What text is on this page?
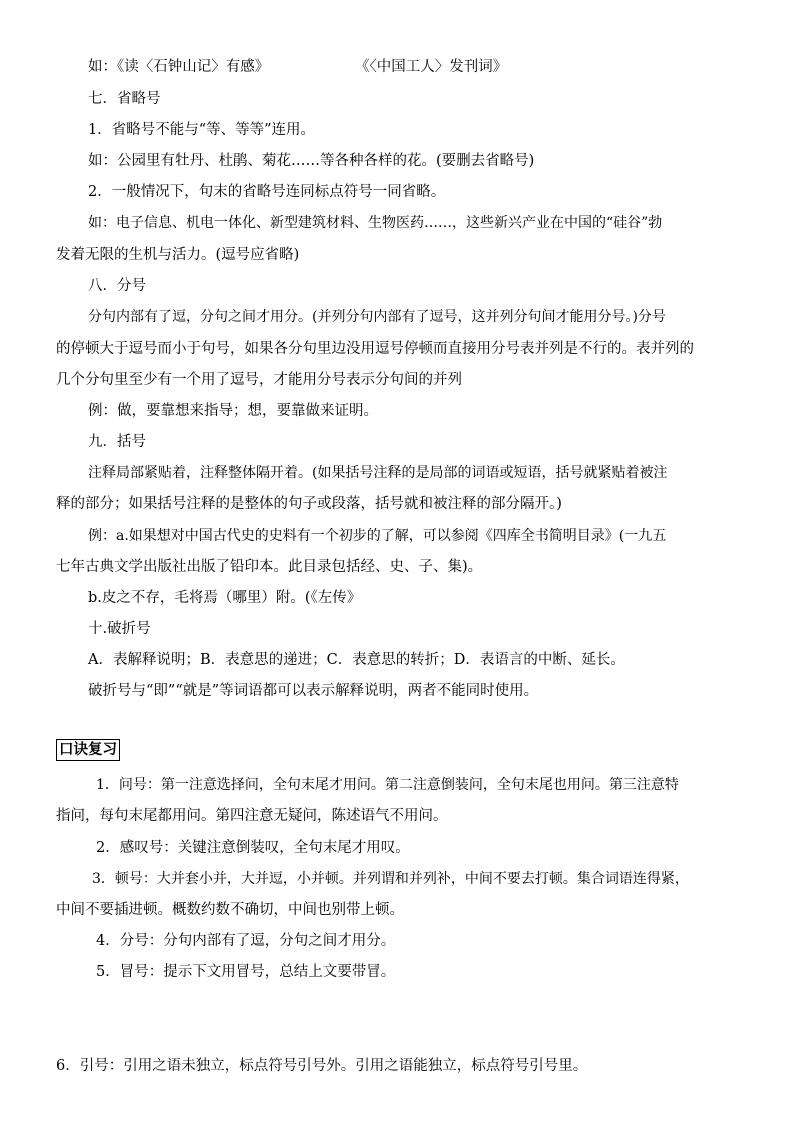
如：《读〈石钟山记〉有感》	《〈中国工人〉发刊词》
七．省略号
1．省略号不能与“等、等等”连用。
如：公园里有牡丹、杜鹃、菊花……等各种各样的花。(要删去省略号)
2．一般情况下，句末的省略号连同标点符号一同省略。
如：电子信息、机电一体化、新型建筑材料、生物医药……，这些新兴产业在中国的“硅谷”勃
发着无限的生机与活力。(逗号应省略)
八．分号
分句内部有了逗，分句之间才用分。(并列分句内部有了逗号，这并列分句间才能用分号。)分号
的停顿大于逗号而小于句号，如果各分句里边没用逗号停顿而直接用分号表并列是不行的。表并列的
几个分句里至少有一个用了逗号，才能用分号表示分句间的并列
例：做，要靠想来指导；想，要靠做来证明。
九．括号
注释局部紧贴着，注释整体隔开着。(如果括号注释的是局部的词语或短语，括号就紧贴着被注
释的部分；如果括号注释的是整体的句子或段落，括号就和被注释的部分隔开。)
例：a.如果想对中国古代史的史料有一个初步的了解，可以参阅《四库全书简明目录》(一九五
七年古典文学出版社出版了铅印本。此目录包括经、史、子、集)。
b.皮之不存，毛将焉（哪里）附。(《左传》
十.破折号
A．表解释说明；B．表意思的递进；C．表意思的转折；D．表语言的中断、延长。
破折号与“即”“就是”等词语都可以表示解释说明，两者不能同时使用。
口诀复习
1．问号：第一注意选择问，全句末尾才用问。第二注意倒装问，全句末尾也用问。第三注意特
指问，每句末尾都用问。第四注意无疑问，陈述语气不用问。
2．感叹号：关键注意倒装叹，全句末尾才用叹。
3．顿号：大并套小并，大并逗，小并顿。并列谓和并列补，中间不要去打顿。集合词语连得紧，
中间不要插进顿。概数约数不确切，中间也别带上顿。
4．分号：分句内部有了逗，分句之间才用分。
5．冒号：提示下文用冒号，总结上文要带冒。
6．引号：引用之语未独立，标点符号引号外。引用之语能独立，标点符号引号里。
